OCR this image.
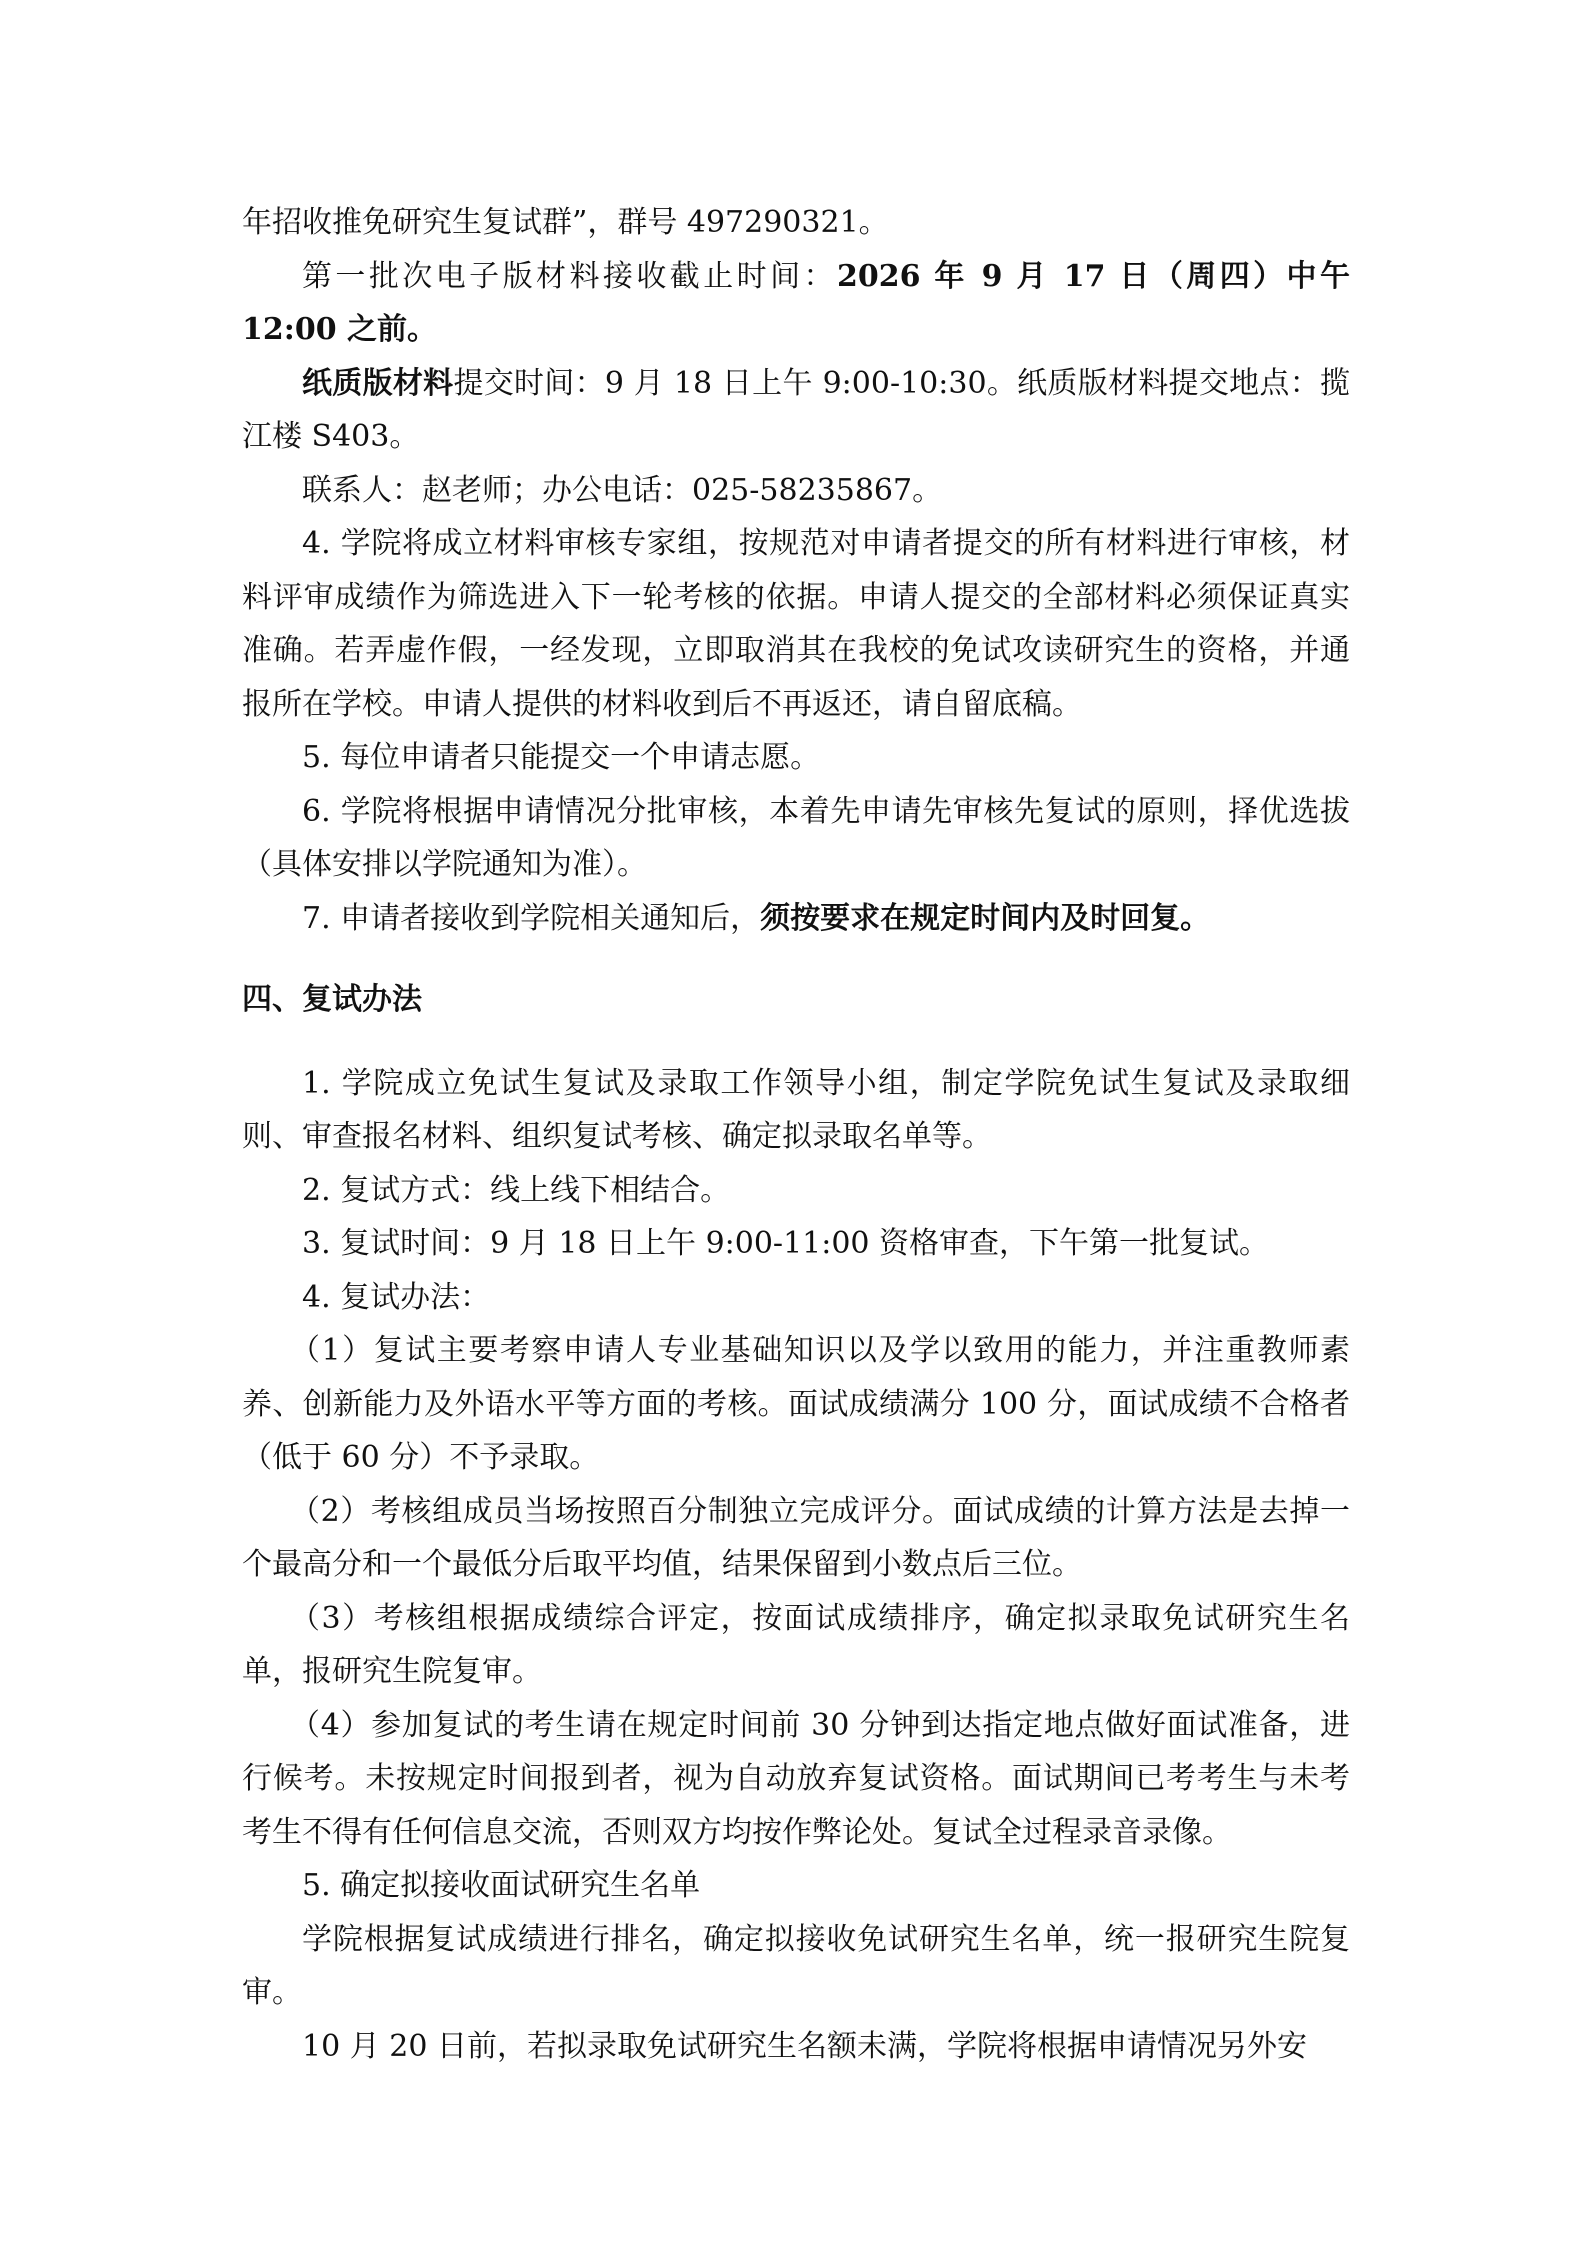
年招收推免研究生复试群”，群号 497290321。

第一批次电子版材料接收截止时间：2026 年 9 月 17 日（周四）中午 12:00 之前。

纸质版材料提交时间：9 月 18 日上午 9:00-10:30。纸质版材料提交地点：揽江楼 S403。

联系人：赵老师；办公电话：025-58235867。

4. 学院将成立材料审核专家组，按规范对申请者提交的所有材料进行审核，材料评审成绩作为筛选进入下一轮考核的依据。申请人提交的全部材料必须保证真实准确。若弄虚作假，一经发现，立即取消其在我校的免试攻读研究生的资格，并通报所在学校。申请人提供的材料收到后不再返还，请自留底稿。

5. 每位申请者只能提交一个申请志愿。

6. 学院将根据申请情况分批审核，本着先申请先审核先复试的原则，择优选拔（具体安排以学院通知为准）。

7. 申请者接收到学院相关通知后，须按要求在规定时间内及时回复。

四、复试办法

1. 学院成立免试生复试及录取工作领导小组，制定学院免试生复试及录取细则、审查报名材料、组织复试考核、确定拟录取名单等。

2. 复试方式：线上线下相结合。

3. 复试时间：9 月 18 日上午 9:00-11:00 资格审查，下午第一批复试。

4. 复试办法：

（1）复试主要考察申请人专业基础知识以及学以致用的能力，并注重教师素养、创新能力及外语水平等方面的考核。面试成绩满分 100 分，面试成绩不合格者（低于 60 分）不予录取。

（2）考核组成员当场按照百分制独立完成评分。面试成绩的计算方法是去掉一个最高分和一个最低分后取平均值，结果保留到小数点后三位。

（3）考核组根据成绩综合评定，按面试成绩排序，确定拟录取免试研究生名单，报研究生院复审。

（4）参加复试的考生请在规定时间前 30 分钟到达指定地点做好面试准备，进行候考。未按规定时间报到者，视为自动放弃复试资格。面试期间已考考生与未考考生不得有任何信息交流，否则双方均按作弊论处。复试全过程录音录像。

5. 确定拟接收面试研究生名单

学院根据复试成绩进行排名，确定拟接收免试研究生名单，统一报研究生院复审。

10 月 20 日前，若拟录取免试研究生名额未满，学院将根据申请情况另外安
